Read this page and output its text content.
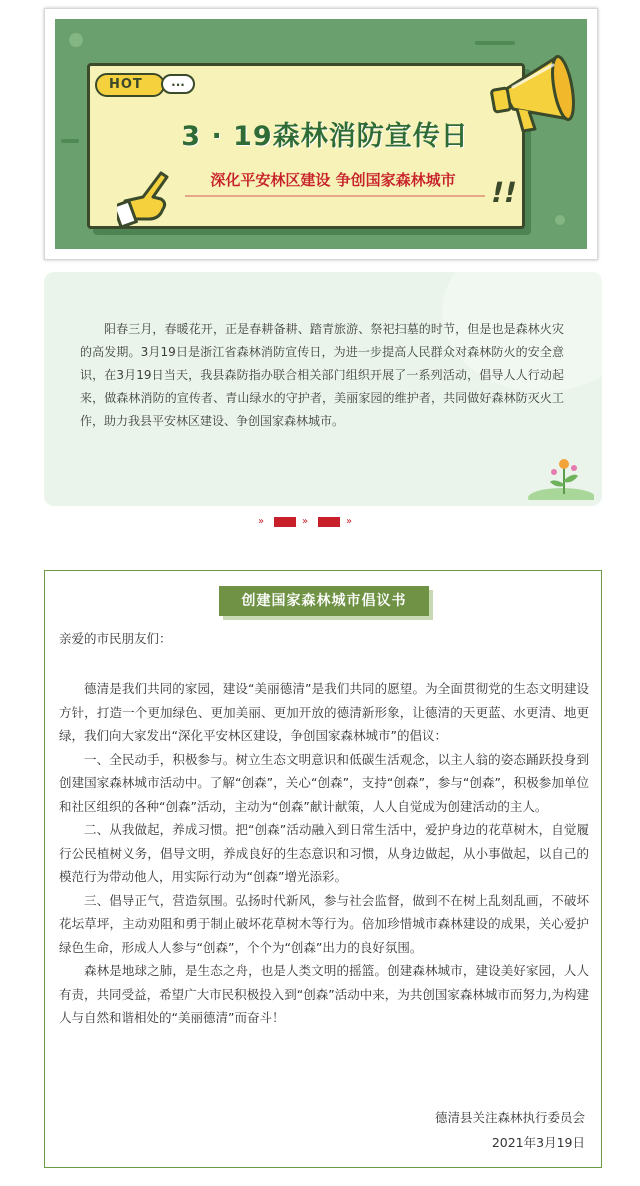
HOT	...
3 · 19森林消防宣传日
深化平安林区建设 争创国家森林城市	!!

阳春三月，春暖花开，正是春耕备耕、踏青旅游、祭祀扫墓的时节，但是也是森林火灾的高发期。3月19日是浙江省森林消防宣传日，为进一步提高人民群众对森林防火的安全意识，在3月19日当天，我县森防指办联合相关部门组织开展了一系列活动，倡导人人行动起来，做森林消防的宣传者、青山绿水的守护者，美丽家园的维护者，共同做好森林防灭火工作，助力我县平安林区建设、争创国家森林城市。

»	»	»
创建国家森林城市倡议书
亲爱的市民朋友们：

德清是我们共同的家园，建设“美丽德清”是我们共同的愿望。为全面贯彻党的生态文明建设方针，打造一个更加绿色、更加美丽、更加开放的德清新形象，让德清的天更蓝、水更清、地更绿，我们向大家发出“深化平安林区建设，争创国家森林城市”的倡议：

一、全民动手，积极参与。树立生态文明意识和低碳生活观念，以主人翁的姿态踊跃投身到创建国家森林城市活动中。了解“创森”，关心“创森”，支持“创森”，参与“创森”，积极参加单位和社区组织的各种“创森”活动，主动为“创森”献计献策，人人自觉成为创建活动的主人。

二、从我做起，养成习惯。把“创森”活动融入到日常生活中，爱护身边的花草树木，自觉履行公民植树义务，倡导文明，养成良好的生态意识和习惯，从身边做起，从小事做起，以自己的模范行为带动他人，用实际行动为“创森”增光添彩。

三、倡导正气，营造氛围。弘扬时代新风，参与社会监督，做到不在树上乱刻乱画，不破坏花坛草坪，主动劝阻和勇于制止破坏花草树木等行为。倍加珍惜城市森林建设的成果，关心爱护绿色生命，形成人人参与“创森”，个个为“创森”出力的良好氛围。

森林是地球之肺，是生态之舟，也是人类文明的摇篮。创建森林城市，建设美好家园，人人有责，共同受益，希望广大市民积极投入到“创森”活动中来，为共创国家森林城市而努力,为构建人与自然和谐相处的“美丽德清”而奋斗！

德清县关注森林执行委员会
2021年3月19日
